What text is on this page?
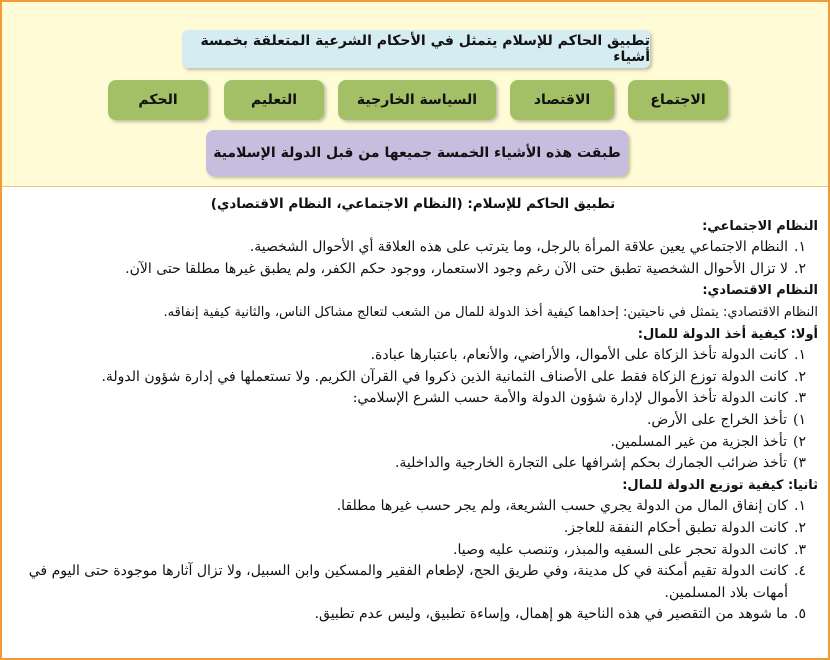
تطبيق الحاكم للإسلام يتمثل في الأحكام الشرعية المتعلقة بخمسة أشياء
الاجتماع
الاقتصاد
السياسة الخارجية
التعليم
الحكم
طبقت هذه الأشياء الخمسة جميعها من قبل الدولة الإسلامية
تطبيق الحاكم للإسلام: (النظام الاجتماعي، النظام الاقتصادي)
النظام الاجتماعي:
١.
النظام الاجتماعي يعين علاقة المرأة بالرجل، وما يترتب على هذه العلاقة أي الأحوال الشخصية.
٢.
لا تزال الأحوال الشخصية تطبق حتى الآن رغم وجود الاستعمار، ووجود حكم الكفر، ولم يطبق غيرها مطلقا حتى الآن.
النظام الاقتصادي:
النظام الاقتصادي: يتمثل في ناحيتين: إحداهما كيفية أخذ الدولة للمال من الشعب لتعالج مشاكل الناس، والثانية كيفية إنفاقه.
أولا: كيفية أخذ الدولة للمال:
١.
كانت الدولة تأخذ الزكاة على الأموال، والأراضي، والأنعام، باعتبارها عبادة.
٢.
كانت الدولة توزع الزكاة فقط على الأصناف الثمانية الذين ذكروا في القرآن الكريم. ولا تستعملها في إدارة شؤون الدولة.
٣.
كانت الدولة تأخذ الأموال لإدارة شؤون الدولة والأمة حسب الشرع الإسلامي:
١)
تأخذ الخراج على الأرض.
٢)
تأخذ الجزية من غير المسلمين.
٣)
تأخذ ضرائب الجمارك بحكم إشرافها على التجارة الخارجية والداخلية.
ثانيا: كيفية توزيع الدولة للمال:
١.
كان إنفاق المال من الدولة يجري حسب الشريعة، ولم يجر حسب غيرها مطلقا.
٢.
كانت الدولة تطبق أحكام النفقة للعاجز.
٣.
كانت الدولة تحجر على السفيه والمبذر، وتنصب عليه وصيا.
٤.
كانت الدولة تقيم أمكنة في كل مدينة، وفي طريق الحج، لإطعام الفقير والمسكين وابن السبيل، ولا تزال آثارها موجودة حتى اليوم في أمهات بلاد المسلمين.
٥.
ما شوهد من التقصير في هذه الناحية هو إهمال، وإساءة تطبيق، وليس عدم تطبيق.
